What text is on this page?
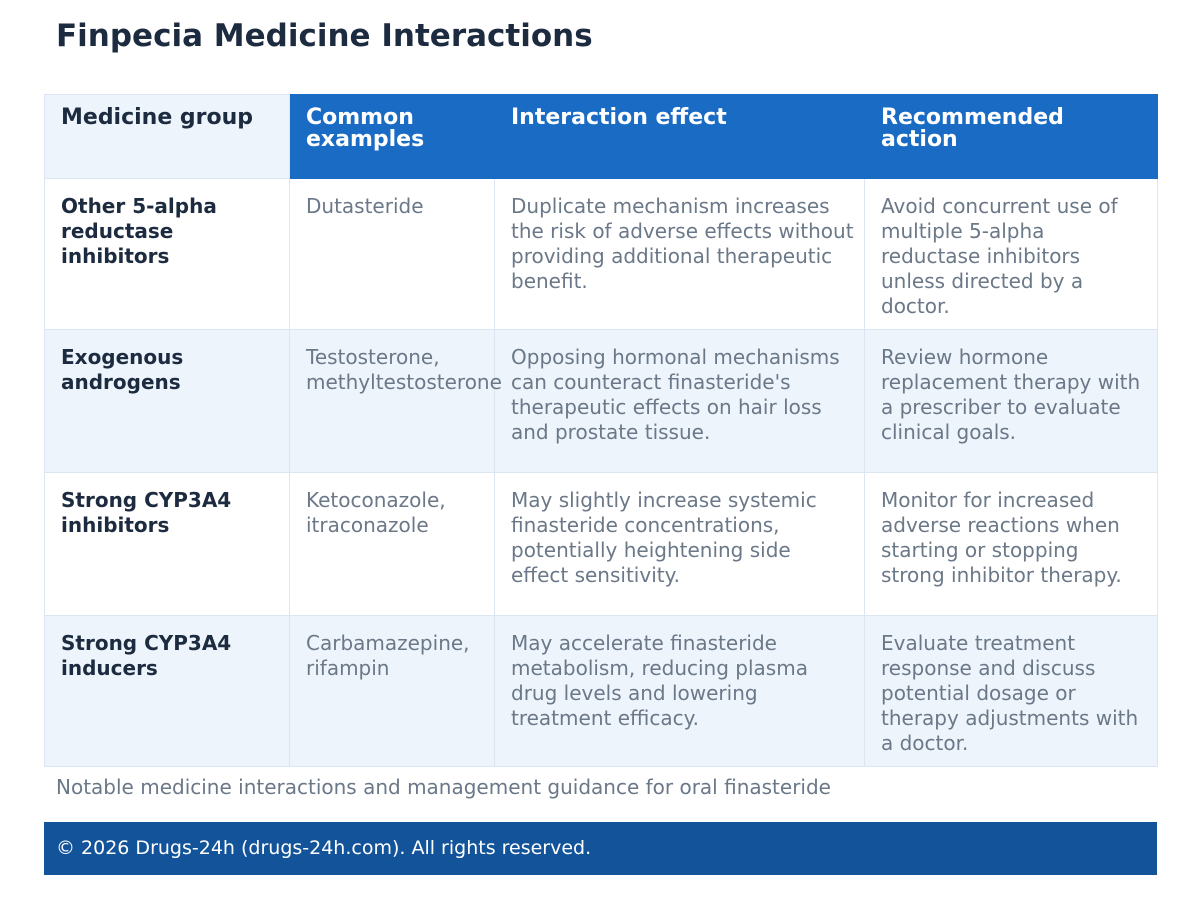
Finpecia Medicine Interactions
Medicine group	Common examples	Interaction effect	Recommended action
Other 5-alpha reductase inhibitors	Dutasteride	Duplicate mechanism increases the risk of adverse effects without providing additional therapeutic benefit.	Avoid concurrent use of multiple 5-alpha reductase inhibitors unless directed by a doctor.
Exogenous androgens	Testosterone, methyltestosterone	Opposing hormonal mechanisms can counteract finasteride's therapeutic effects on hair loss and prostate tissue.	Review hormone replacement therapy with a prescriber to evaluate clinical goals.
Strong CYP3A4 inhibitors	Ketoconazole, itraconazole	May slightly increase systemic finasteride concentrations, potentially heightening side effect sensitivity.	Monitor for increased adverse reactions when starting or stopping strong inhibitor therapy.
Strong CYP3A4 inducers	Carbamazepine, rifampin	May accelerate finasteride metabolism, reducing plasma drug levels and lowering treatment efficacy.	Evaluate treatment response and discuss potential dosage or therapy adjustments with a doctor.

Notable medicine interactions and management guidance for oral finasteride

© 2026 Drugs-24h (drugs-24h.com). All rights reserved.
